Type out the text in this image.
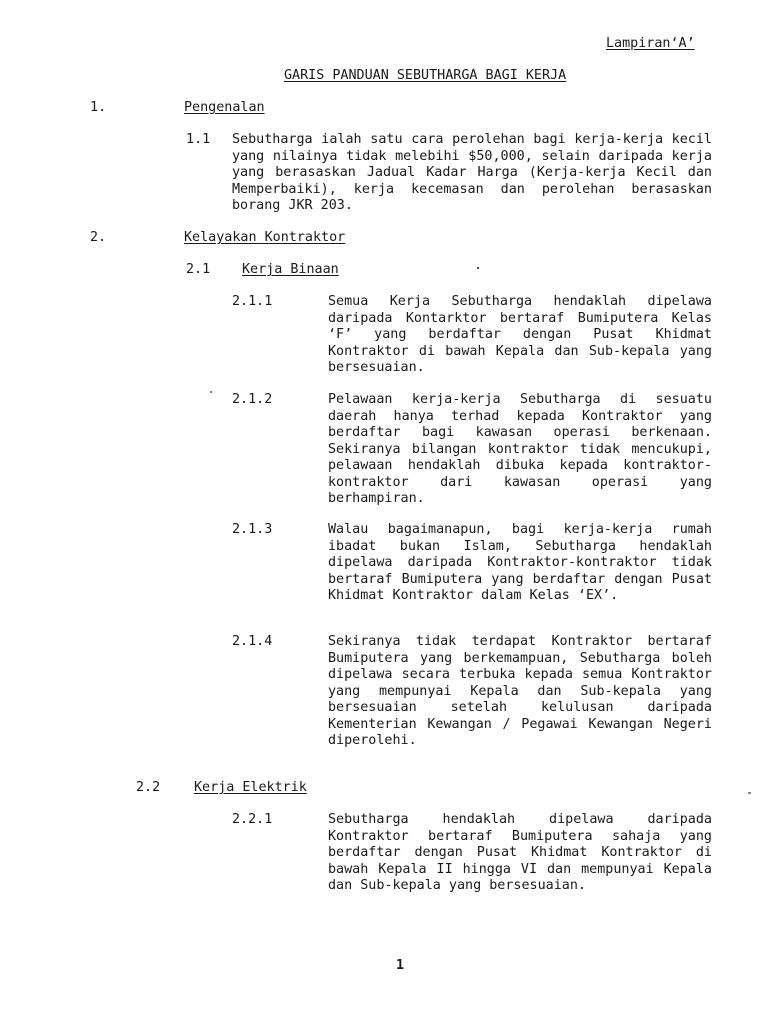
Lampiran‘A’
GARIS PANDUAN SEBUTHARGA BAGI KERJA
1.	Pengenalan
1.1 Sebutharga ialah satu cara perolehan bagi kerja-kerja kecil yang nilainya tidak melebihi $50,000, selain daripada kerja yang berasaskan Jadual Kadar Harga (Kerja-kerja Kecil dan Memperbaiki), kerja kecemasan dan perolehan berasaskan borang JKR 203.
2.	Kelayakan Kontraktor
2.1 Kerja Binaan
2.1.1	Semua Kerja Sebutharga hendaklah dipelawa daripada Kontarktor bertaraf Bumiputera Kelas ‘F’ yang berdaftar dengan Pusat Khidmat Kontraktor di bawah Kepala dan Sub-kepala yang bersesuaian.
2.1.2	Pelawaan kerja-kerja Sebutharga di sesuatu daerah hanya terhad kepada Kontraktor yang berdaftar bagi kawasan operasi berkenaan. Sekiranya bilangan kontraktor tidak mencukupi, pelawaan hendaklah dibuka kepada kontraktor-kontraktor dari kawasan operasi yang berhampiran.
2.1.3	Walau bagaimanapun, bagi kerja-kerja rumah ibadat bukan Islam, Sebutharga hendaklah dipelawa daripada Kontraktor-kontraktor tidak bertaraf Bumiputera yang berdaftar dengan Pusat Khidmat Kontraktor dalam Kelas ‘EX’.
2.1.4	Sekiranya tidak terdapat Kontraktor bertaraf Bumiputera yang berkemampuan, Sebutharga boleh dipelawa secara terbuka kepada semua Kontraktor yang mempunyai Kepala dan Sub-kepala yang bersesuaian setelah kelulusan daripada Kementerian Kewangan / Pegawai Kewangan Negeri diperolehi.
2.2	Kerja Elektrik
2.2.1	Sebutharga hendaklah dipelawa daripada Kontraktor bertaraf Bumiputera sahaja yang berdaftar dengan Pusat Khidmat Kontraktor di bawah Kepala II hingga VI dan mempunyai Kepala dan Sub-kepala yang bersesuaian.
1
